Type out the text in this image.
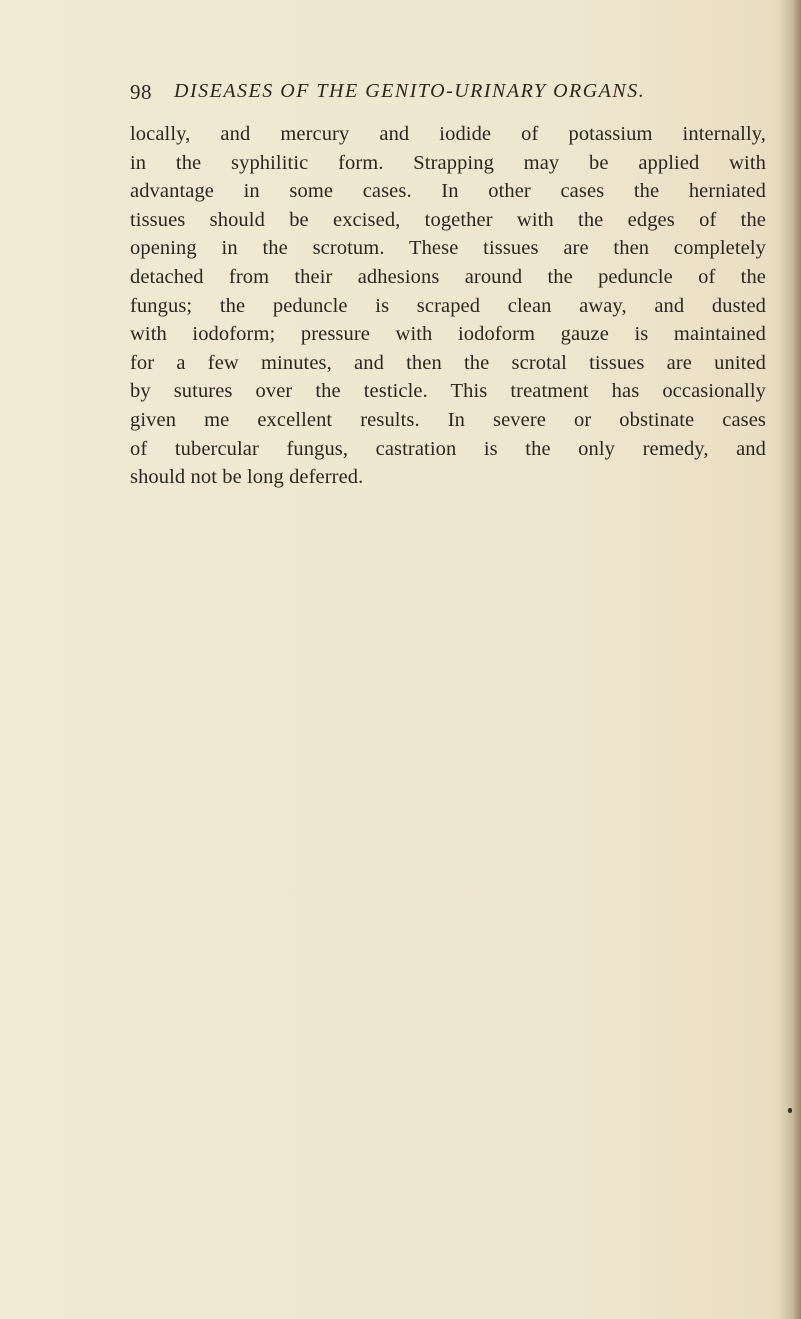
98 DISEASES OF THE GENITO-URINARY ORGANS.
locally, and mercury and iodide of potassium internally,
in the syphilitic form. Strapping may be applied with
advantage in some cases. In other cases the herniated
tissues should be excised, together with the edges of the
opening in the scrotum. These tissues are then completely
detached from their adhesions around the peduncle of the
fungus; the peduncle is scraped clean away, and dusted
with iodoform; pressure with iodoform gauze is maintained
for a few minutes, and then the scrotal tissues are united
by sutures over the testicle. This treatment has occasionally
given me excellent results. In severe or obstinate cases
of tubercular fungus, castration is the only remedy, and
should not be long deferred.
